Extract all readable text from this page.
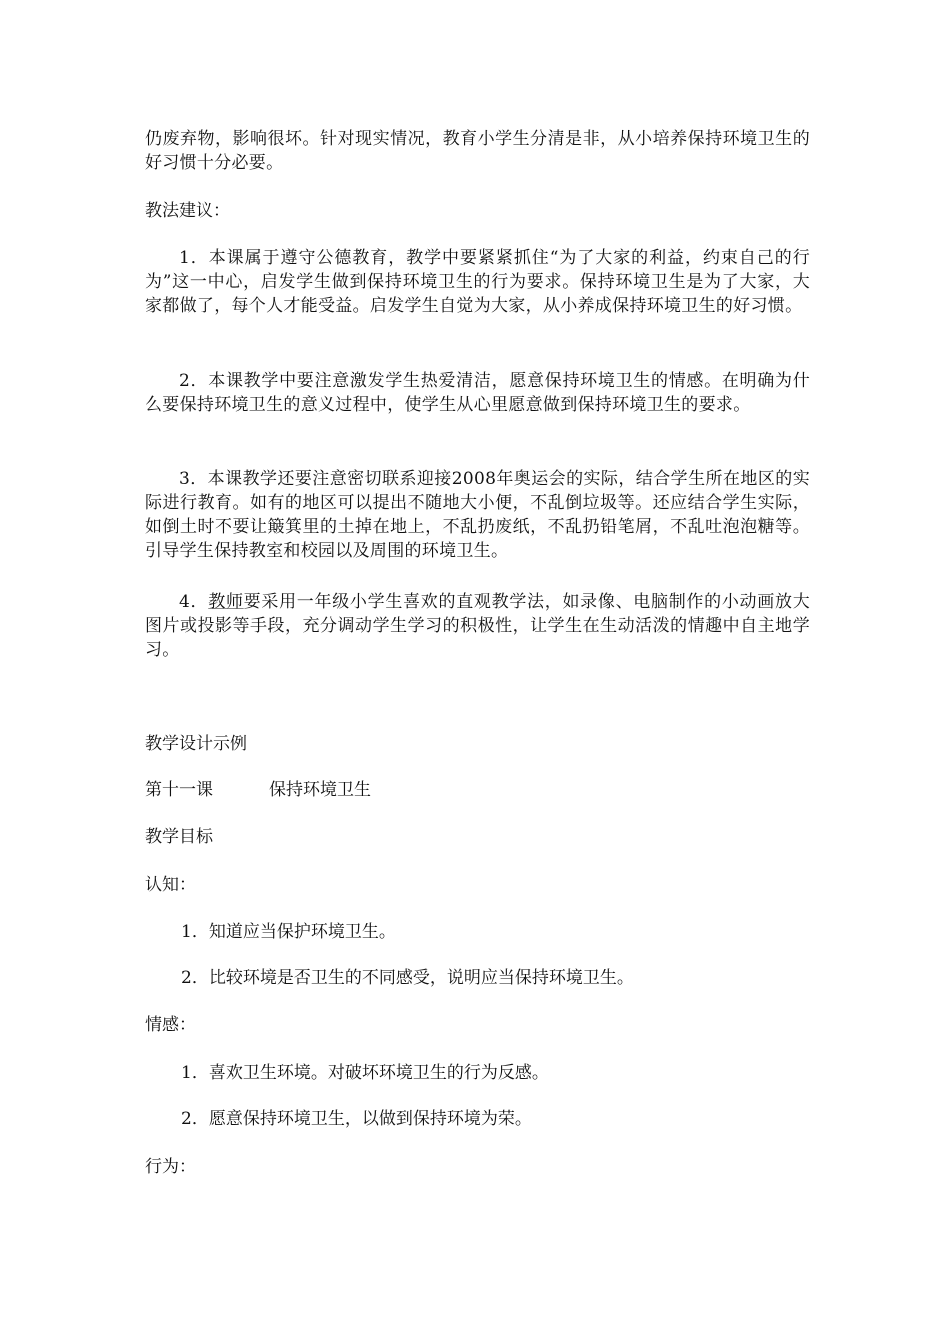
仍废弃物，影响很坏。针对现实情况，教育小学生分清是非，从小培养保持环境卫生的好习惯十分必要。
教法建议：
1．本课属于遵守公德教育，教学中要紧紧抓住“为了大家的利益，约束自己的行为”这一中心，启发学生做到保持环境卫生的行为要求。保持环境卫生是为了大家，大家都做了，每个人才能受益。启发学生自觉为大家，从小养成保持环境卫生的好习惯。
2．本课教学中要注意激发学生热爱清洁，愿意保持环境卫生的情感。在明确为什么要保持环境卫生的意义过程中，使学生从心里愿意做到保持环境卫生的要求。
3．本课教学还要注意密切联系迎接2008年奥运会的实际，结合学生所在地区的实际进行教育。如有的地区可以提出不随地大小便，不乱倒垃圾等。还应结合学生实际，如倒土时不要让簸箕里的土掉在地上，不乱扔废纸，不乱扔铅笔屑，不乱吐泡泡糖等。引导学生保持教室和校园以及周围的环境卫生。
4．教师要采用一年级小学生喜欢的直观教学法，如录像、电脑制作的小动画放大图片或投影等手段，充分调动学生学习的积极性，让学生在生动活泼的情趣中自主地学习。
教学设计示例
第十一课	保持环境卫生
教学目标
认知：
1．知道应当保护环境卫生。
2．比较环境是否卫生的不同感受，说明应当保持环境卫生。
情感：
1．喜欢卫生环境。对破坏环境卫生的行为反感。
2．愿意保持环境卫生，以做到保持环境为荣。
行为：
